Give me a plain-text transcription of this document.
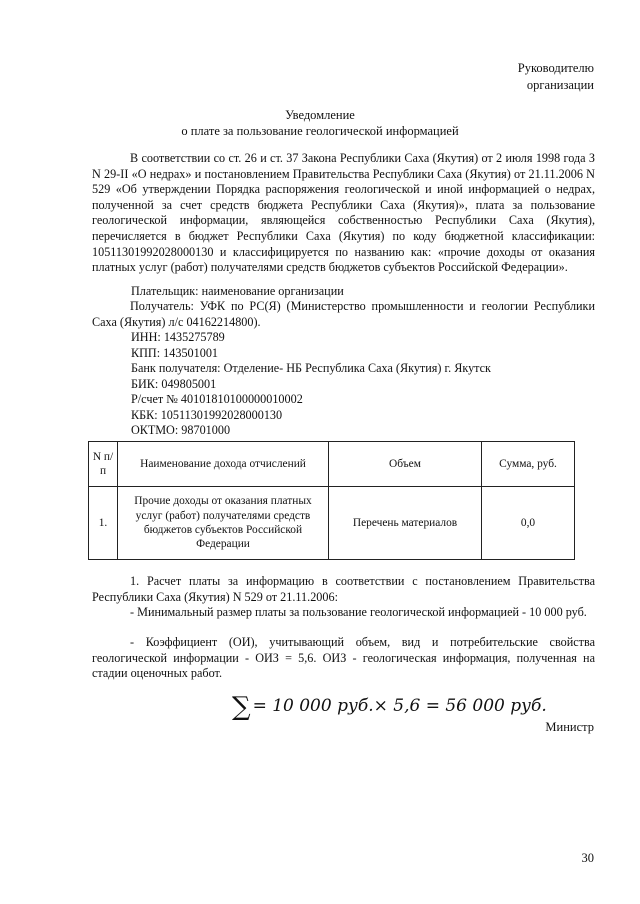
Руководителю
организации
Уведомление
о плате за пользование геологической информацией
В соответствии со ст. 26 и ст. 37 Закона Республики Саха (Якутия) от 2 июля 1998 года З N 29-II «О недрах» и постановлением Правительства Республики Саха (Якутия) от 21.11.2006 N 529 «Об утверждении Порядка распоряжения геологической и иной информацией о недрах, полученной за счет средств бюджета Республики Саха (Якутия)», плата за пользование геологической информации, являющейся собственностью Республики Саха (Якутия), перечисляется в бюджет Республики Саха (Якутия) по коду бюджетной классификации: 10511301992028000130 и классифицируется по названию как: «прочие доходы от оказания платных услуг (работ) получателями средств бюджетов субъектов Российской Федерации».
Плательщик: наименование организации
Получатель: УФК по РС(Я) (Министерство промышленности и геологии Республики Саха (Якутия) л/с 04162214800).
ИНН: 1435275789
КПП: 143501001
Банк получателя: Отделение- НБ Республика Саха (Якутия) г. Якутск
БИК: 049805001
Р/счет № 40101810100000010002
КБК: 10511301992028000130
ОКТМО: 98701000
N п/п	Наименование дохода отчислений	Объем	Сумма, руб.
1.	Прочие доходы от оказания платных услуг (работ) получателями средств бюджетов субъектов Российской Федерации	Перечень материалов	0,0
1. Расчет платы за информацию в соответствии с постановлением Правительства Республики Саха (Якутия) N 529 от 21.11.2006:
- Минимальный размер платы за пользование геологической информацией - 10 000 руб.
- Коэффициент (ОИ), учитывающий объем, вид и потребительские свойства геологической информации - ОИЗ = 5,6. ОИЗ - геологическая информация, полученная на стадии оценочных работ.
∑ = 10 000 руб.× 5,6 = 56 000 руб.
Министр
30
